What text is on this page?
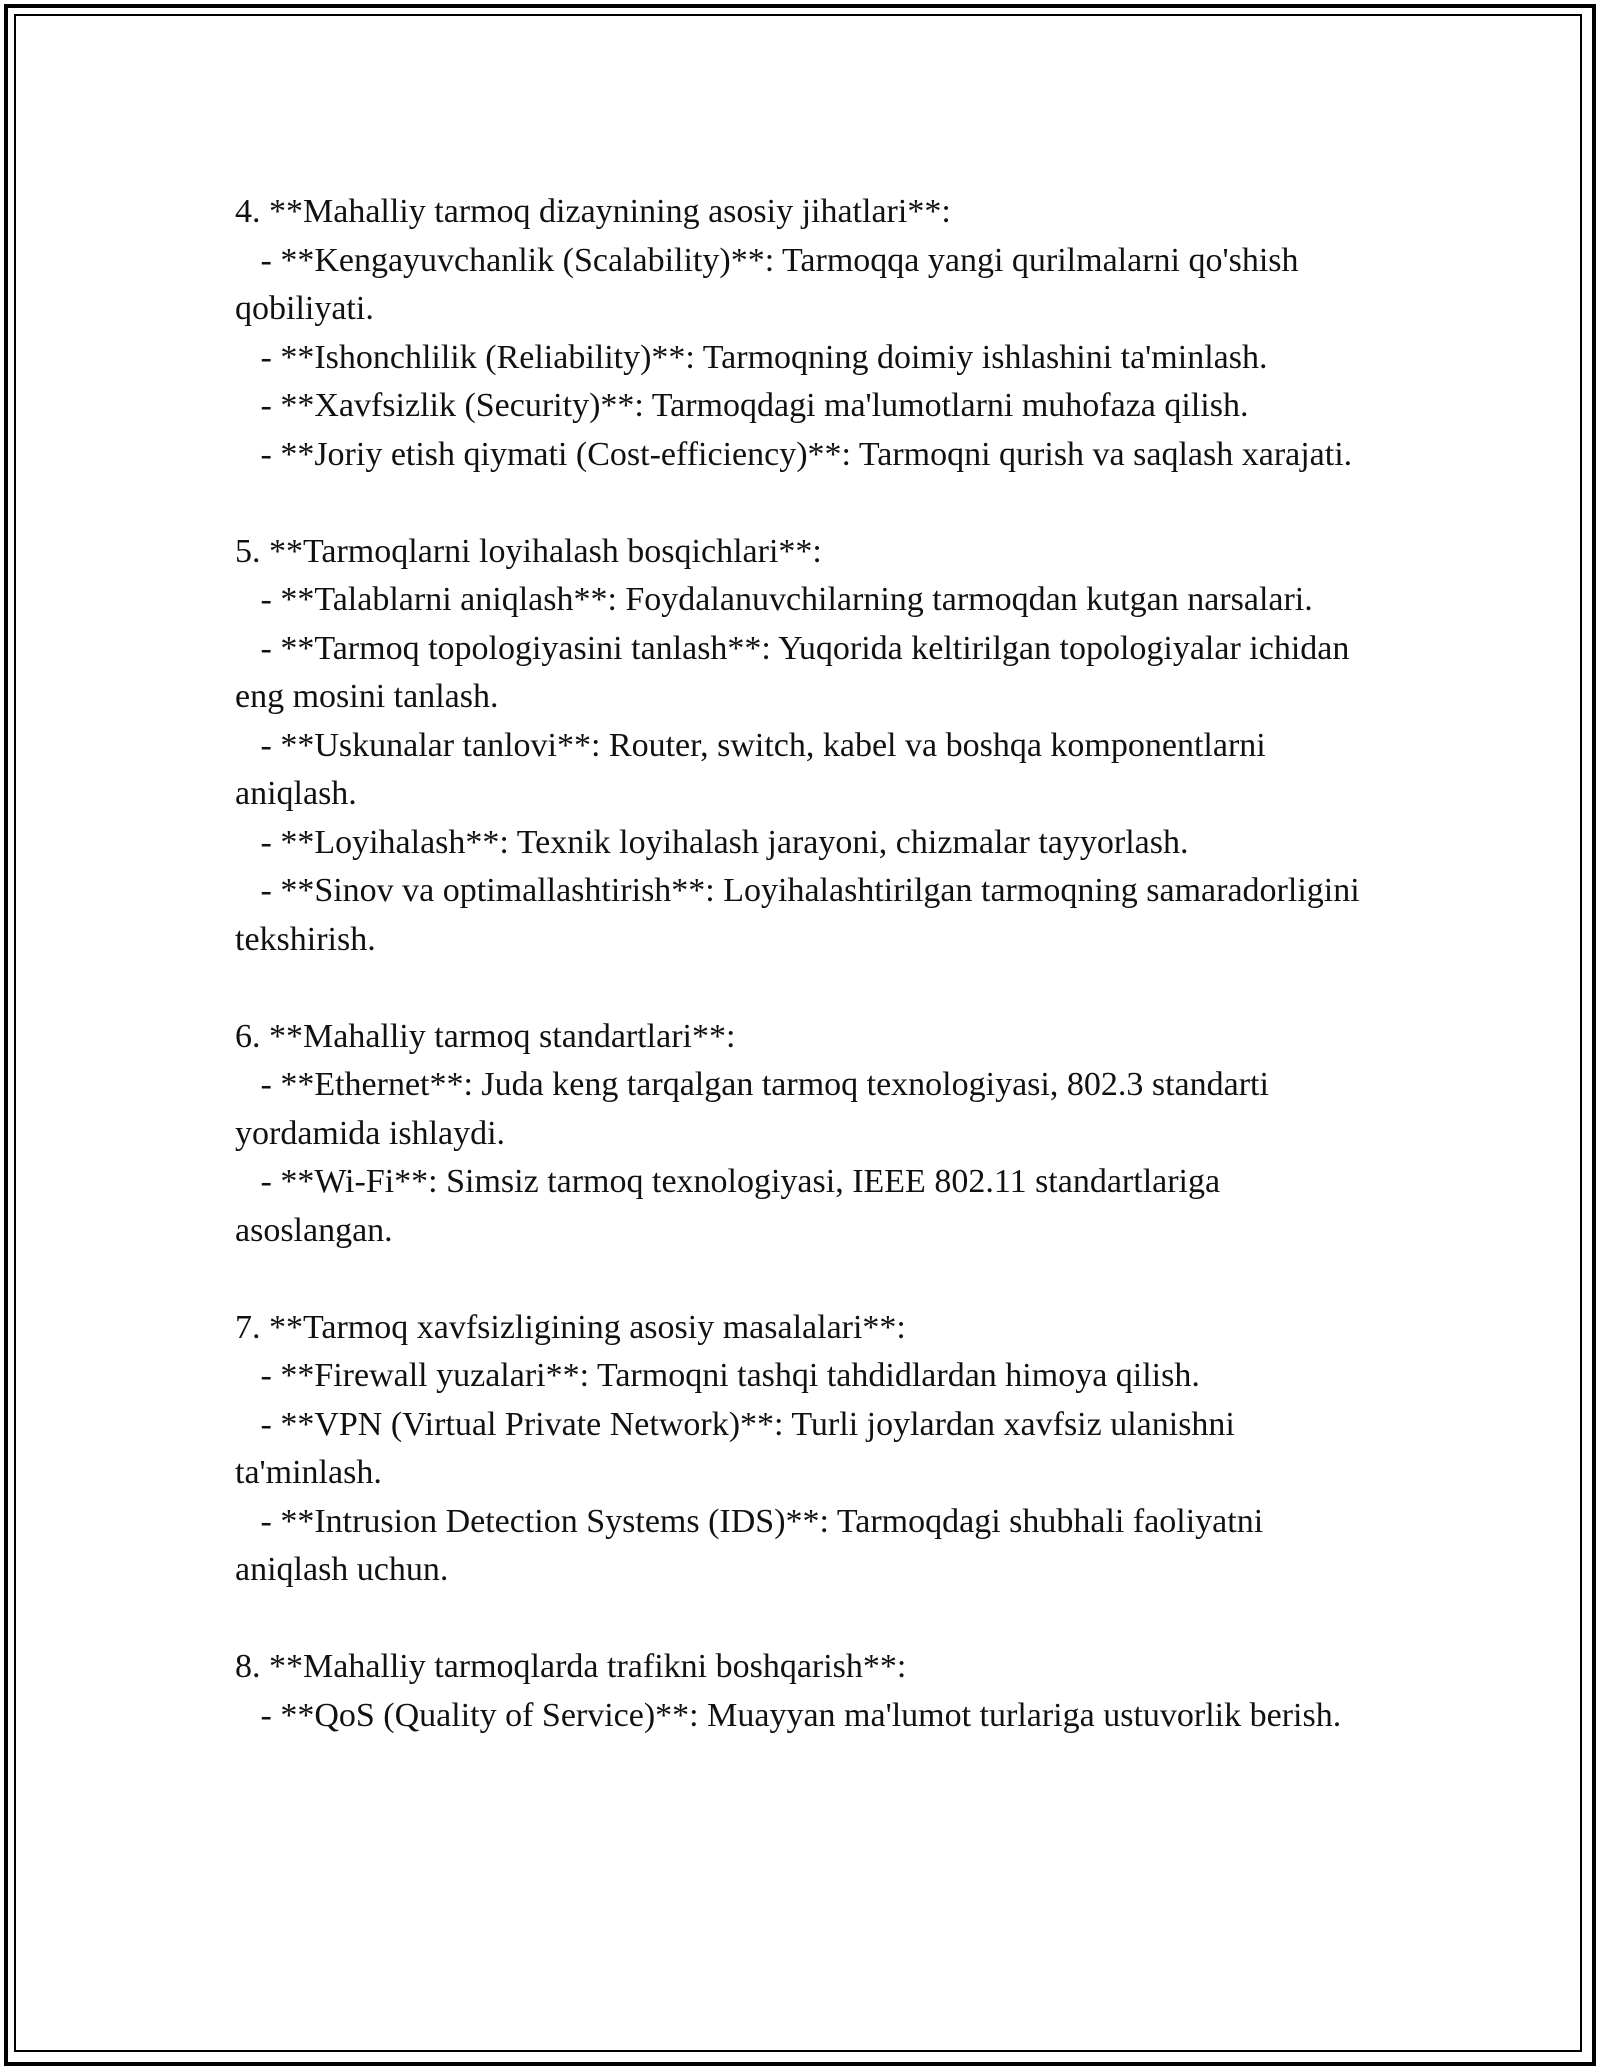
4. **Mahalliy tarmoq dizaynining asosiy jihatlari**:

- **Kengayuvchanlik (Scalability)**: Tarmoqqa yangi qurilmalarni qo'shish qobiliyati.

- **Ishonchlilik (Reliability)**: Tarmoqning doimiy ishlashini ta'minlash.

- **Xavfsizlik (Security)**: Tarmoqdagi ma'lumotlarni muhofaza qilish.

- **Joriy etish qiymati (Cost-efficiency)**: Tarmoqni qurish va saqlash xarajati.

5. **Tarmoqlarni loyihalash bosqichlari**:

- **Talablarni aniqlash**: Foydalanuvchilarning tarmoqdan kutgan narsalari.

- **Tarmoq topologiyasini tanlash**: Yuqorida keltirilgan topologiyalar ichidan eng mosini tanlash.

- **Uskunalar tanlovi**: Router, switch, kabel va boshqa komponentlarni aniqlash.

- **Loyihalash**: Texnik loyihalash jarayoni, chizmalar tayyorlash.

- **Sinov va optimallashtirish**: Loyihalashtirilgan tarmoqning samaradorligini tekshirish.

6. **Mahalliy tarmoq standartlari**:

- **Ethernet**: Juda keng tarqalgan tarmoq texnologiyasi, 802.3 standarti yordamida ishlaydi.

- **Wi-Fi**: Simsiz tarmoq texnologiyasi, IEEE 802.11 standartlariga asoslangan.

7. **Tarmoq xavfsizligining asosiy masalalari**:

- **Firewall yuzalari**: Tarmoqni tashqi tahdidlardan himoya qilish.

- **VPN (Virtual Private Network)**: Turli joylardan xavfsiz ulanishni ta'minlash.

- **Intrusion Detection Systems (IDS)**: Tarmoqdagi shubhali faoliyatni aniqlash uchun.

8. **Mahalliy tarmoqlarda trafikni boshqarish**:

- **QoS (Quality of Service)**: Muayyan ma'lumot turlariga ustuvorlik berish.
